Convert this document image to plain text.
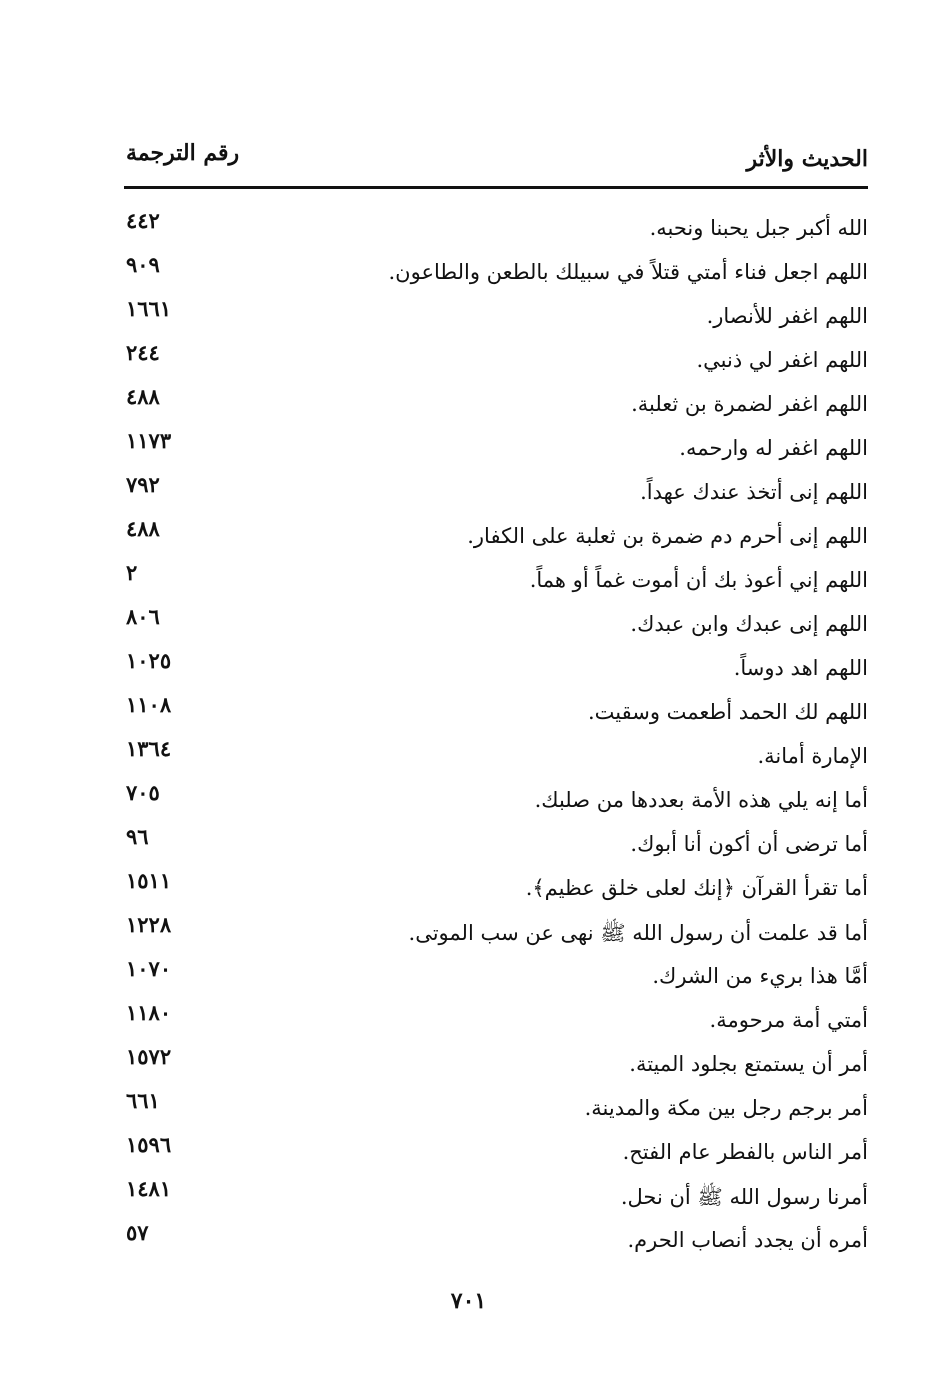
الحديث والأثر
رقم الترجمة
الله أكبر جبل يحبنا ونحبه.
٤٤٢
اللهم اجعل فناء أمتي قتلاً في سبيلك بالطعن والطاعون.
٩٠٩
اللهم اغفر للأنصار.
١٦٦١
اللهم اغفر لي ذنبي.
٢٤٤
اللهم اغفر لضمرة بن ثعلبة.
٤٨٨
اللهم اغفر له وارحمه.
١١٧٣
اللهم إنى أتخذ عندك عهداً.
٧٩٢
اللهم إنى أحرم دم ضمرة بن ثعلبة على الكفار.
٤٨٨
اللهم إني أعوذ بك أن أموت غماً أو هماً.
٢
اللهم إنى عبدك وابن عبدك.
٨٠٦
اللهم اهد دوساً.
١٠٢٥
اللهم لك الحمد أطعمت وسقيت.
١١٠٨
الإمارة أمانة.
١٣٦٤
أما إنه يلي هذه الأمة بعددها من صلبك.
٧٠٥
أما ترضى أن أكون أنا أبوك.
٩٦
أما تقرأ القرآن ﴿إنك لعلى خلق عظيم﴾.
١٥١١
أما قد علمت أن رسول الله ﷺ نهى عن سب الموتى.
١٢٢٨
أمَّا هذا بريء من الشرك.
١٠٧٠
أمتي أمة مرحومة.
١١٨٠
أمر أن يستمتع بجلود الميتة.
١٥٧٢
أمر برجم رجل بين مكة والمدينة.
٦٦١
أمر الناس بالفطر عام الفتح.
١٥٩٦
أمرنا رسول الله ﷺ أن نحل.
١٤٨١
أمره أن يجدد أنصاب الحرم.
٥٧
٧٠١
